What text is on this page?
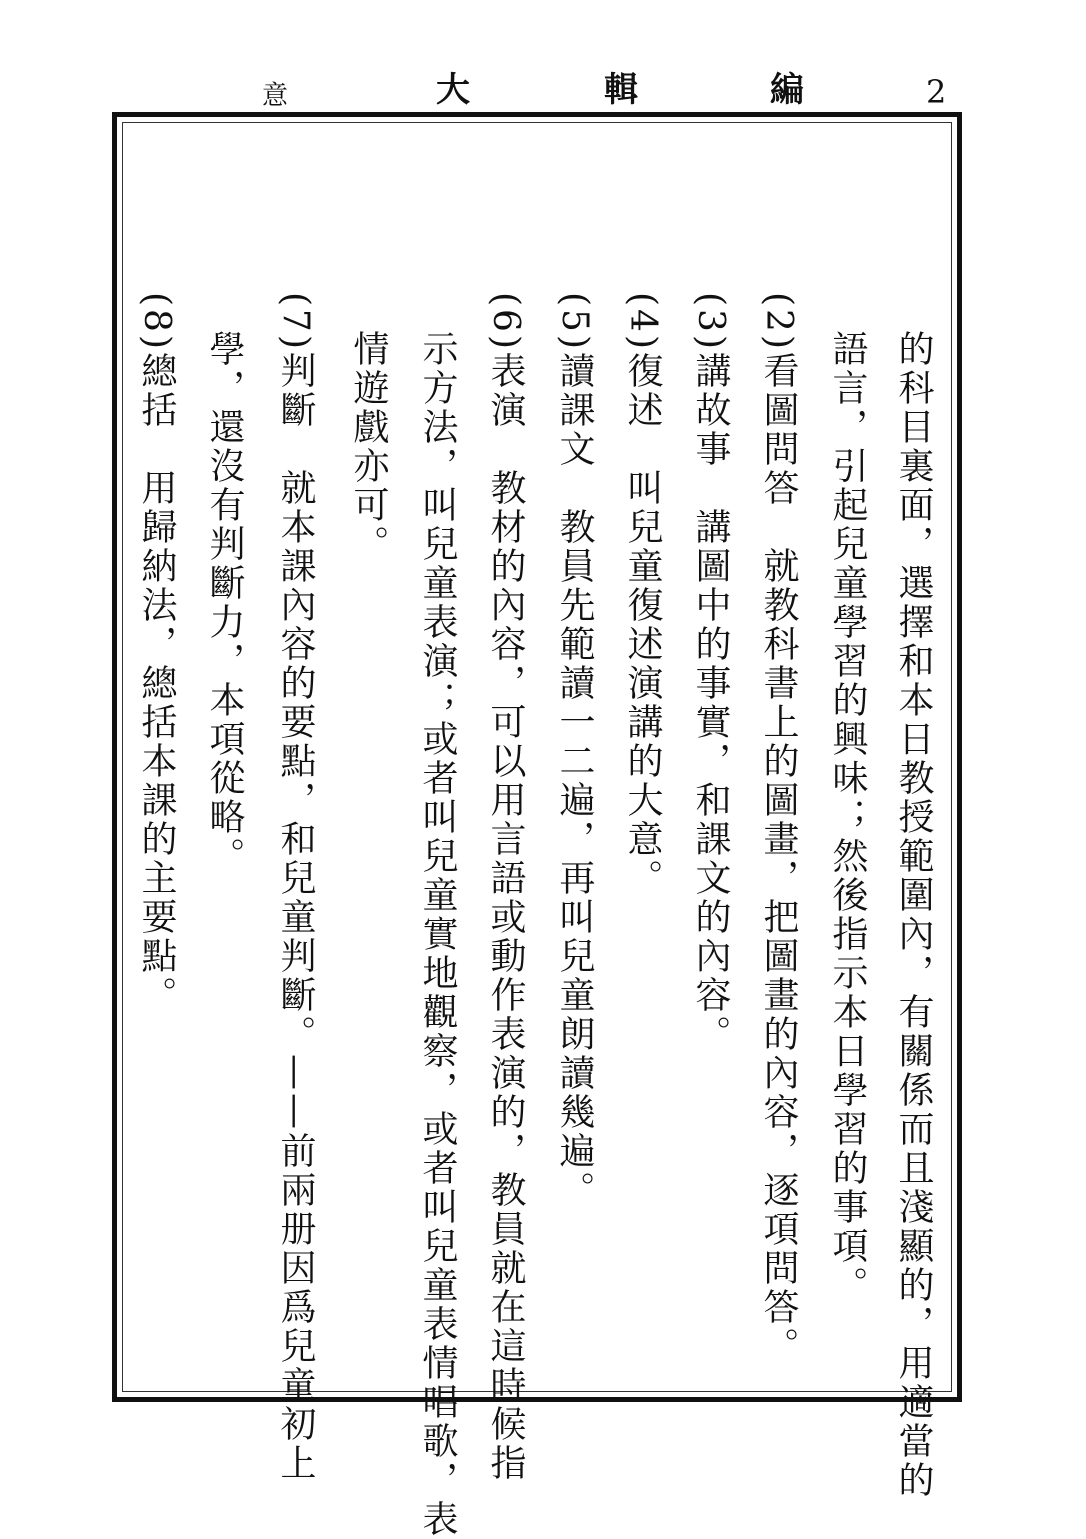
意	大	輯	編	2
的科目裏面，選擇和本日教授範圍內，有關係而且淺顯的，用適當的
語言，引起兒童學習的興味；然後指示本日學習的事項。
(2)看圖問答　就教科書上的圖畫，把圖畫的內容，逐項問答。
(3)講故事　講圖中的事實，和課文的內容。
(4)復述　叫兒童復述演講的大意。
(5)讀課文　教員先範讀一二遍，再叫兒童朗讀幾遍。
(6)表演　教材的內容，可以用言語或動作表演的，教員就在這時候指
示方法，叫兒童表演；或者叫兒童實地觀察，或者叫兒童表情唱歌，表
情遊戲亦可。
(7)判斷　就本課內容的要點，和兒童判斷。——前兩册因爲兒童初上
學，還沒有判斷力，本項從略。
(8)總括　用歸納法，總括本課的主要點。
